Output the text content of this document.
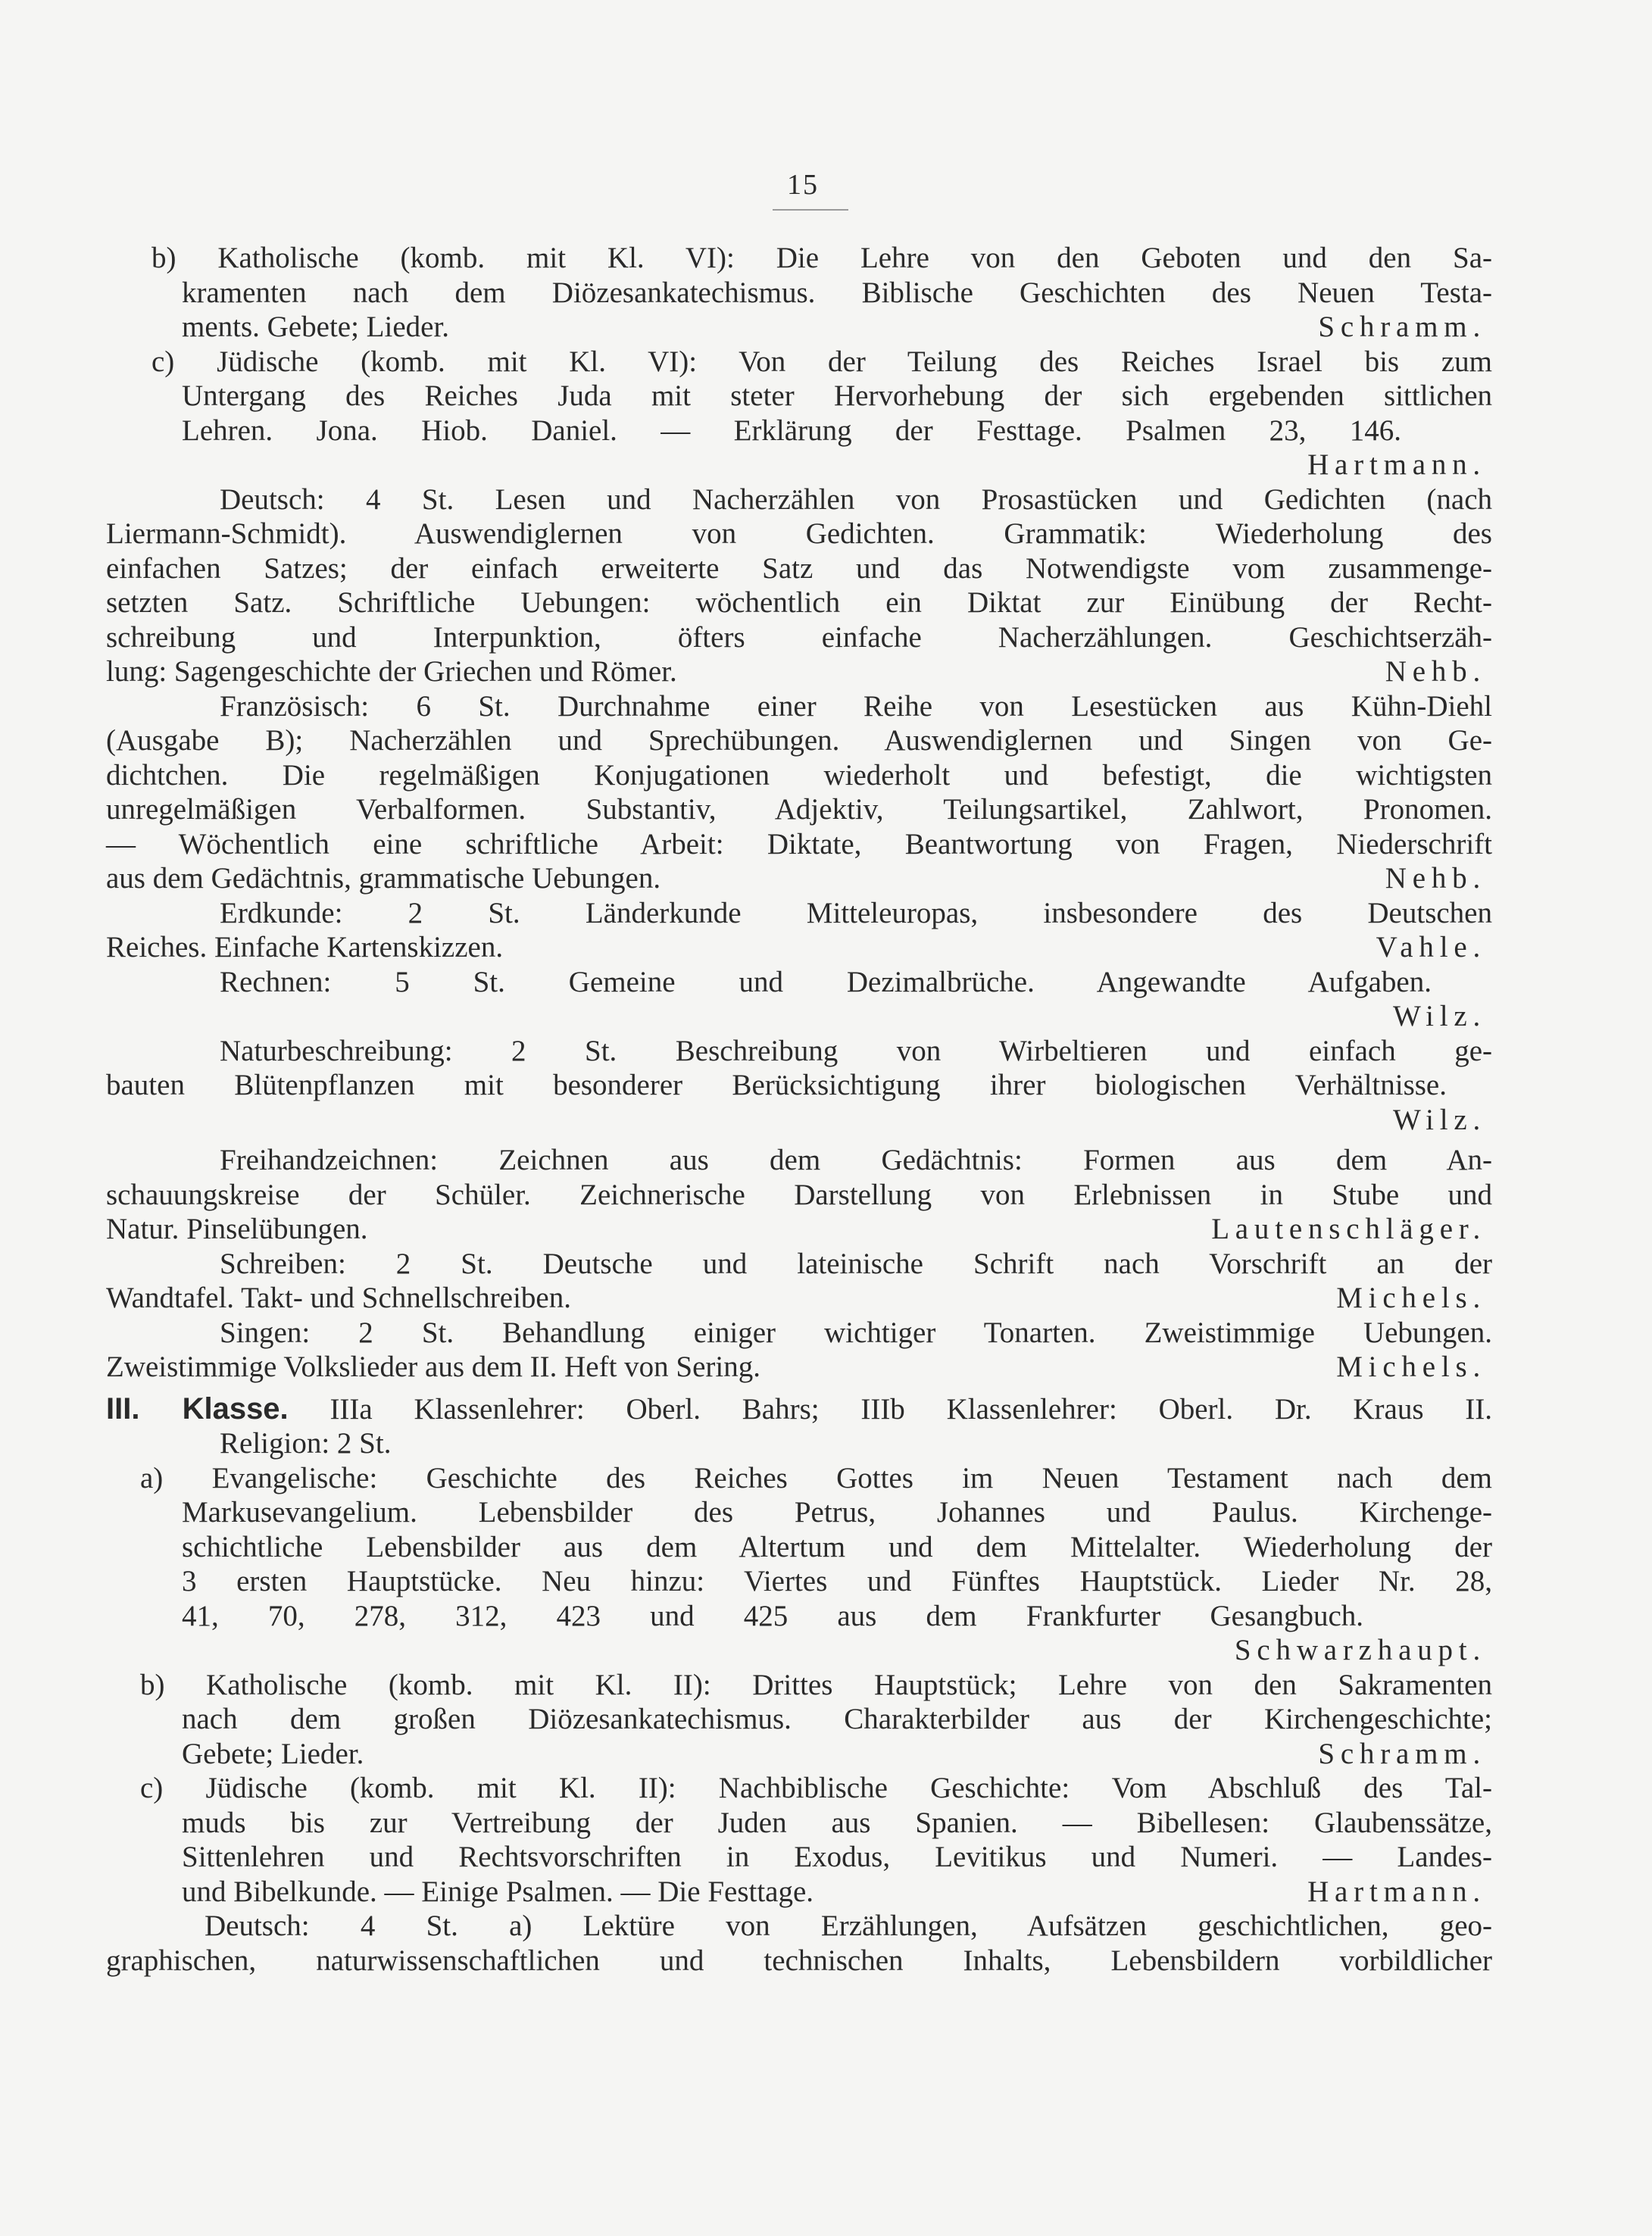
15
b) Katholische (komb. mit Kl. VI): Die Lehre von den Geboten und den Sa-
kramenten nach dem Diözesankatechismus. Biblische Geschichten des Neuen Testa-
ments. Gebete; Lieder.	Schramm.
c) Jüdische (komb. mit Kl. VI): Von der Teilung des Reiches Israel bis zum
Untergang des Reiches Juda mit steter Hervorhebung der sich ergebenden sittlichen
Lehren. Jona. Hiob. Daniel. — Erklärung der Festtage. Psalmen 23, 146.
Hartmann.
Deutsch: 4 St. Lesen und Nacherzählen von Prosastücken und Gedichten (nach
Liermann-Schmidt). Auswendiglernen von Gedichten. Grammatik: Wiederholung des
einfachen Satzes; der einfach erweiterte Satz und das Notwendigste vom zusammenge-
setzten Satz. Schriftliche Uebungen: wöchentlich ein Diktat zur Einübung der Recht-
schreibung und Interpunktion, öfters einfache Nacherzählungen. Geschichtserzäh-
lung: Sagengeschichte der Griechen und Römer.	Nehb.
Französisch: 6 St. Durchnahme einer Reihe von Lesestücken aus Kühn-Diehl
(Ausgabe B); Nacherzählen und Sprechübungen. Auswendiglernen und Singen von Ge-
dichtchen. Die regelmäßigen Konjugationen wiederholt und befestigt, die wichtigsten
unregelmäßigen Verbalformen. Substantiv, Adjektiv, Teilungsartikel, Zahlwort, Pronomen.
— Wöchentlich eine schriftliche Arbeit: Diktate, Beantwortung von Fragen, Niederschrift
aus dem Gedächtnis, grammatische Uebungen.	Nehb.
Erdkunde: 2 St. Länderkunde Mitteleuropas, insbesondere des Deutschen
Reiches. Einfache Kartenskizzen.	Vahle.
Rechnen: 5 St. Gemeine und Dezimalbrüche. Angewandte Aufgaben.
Wilz.
Naturbeschreibung: 2 St. Beschreibung von Wirbeltieren und einfach ge-
bauten Blütenpflanzen mit besonderer Berücksichtigung ihrer biologischen Verhältnisse.
Wilz.
Freihandzeichnen: Zeichnen aus dem Gedächtnis: Formen aus dem An-
schauungskreise der Schüler. Zeichnerische Darstellung von Erlebnissen in Stube und
Natur. Pinselübungen.	Lautenschläger.
Schreiben: 2 St. Deutsche und lateinische Schrift nach Vorschrift an der
Wandtafel. Takt- und Schnellschreiben.	Michels.
Singen: 2 St. Behandlung einiger wichtiger Tonarten. Zweistimmige Uebungen.
Zweistimmige Volkslieder aus dem II. Heft von Sering.	Michels.
III. Klasse. IIIa Klassenlehrer: Oberl. Bahrs; IIIb Klassenlehrer: Oberl. Dr. Kraus II.
Religion: 2 St.
a) Evangelische: Geschichte des Reiches Gottes im Neuen Testament nach dem
Markusevangelium. Lebensbilder des Petrus, Johannes und Paulus. Kirchenge-
schichtliche Lebensbilder aus dem Altertum und dem Mittelalter. Wiederholung der
3 ersten Hauptstücke. Neu hinzu: Viertes und Fünftes Hauptstück. Lieder Nr. 28,
41, 70, 278, 312, 423 und 425 aus dem Frankfurter Gesangbuch.
Schwarzhaupt.
b) Katholische (komb. mit Kl. II): Drittes Hauptstück; Lehre von den Sakramenten
nach dem großen Diözesankatechismus. Charakterbilder aus der Kirchengeschichte;
Gebete; Lieder.	Schramm.
c) Jüdische (komb. mit Kl. II): Nachbiblische Geschichte: Vom Abschluß des Tal-
muds bis zur Vertreibung der Juden aus Spanien. — Bibellesen: Glaubenssätze,
Sittenlehren und Rechtsvorschriften in Exodus, Levitikus und Numeri. — Landes-
und Bibelkunde. — Einige Psalmen. — Die Festtage.	Hartmann.
Deutsch: 4 St. a) Lektüre von Erzählungen, Aufsätzen geschichtlichen, geo-
graphischen, naturwissenschaftlichen und technischen Inhalts, Lebensbildern vorbildlicher
